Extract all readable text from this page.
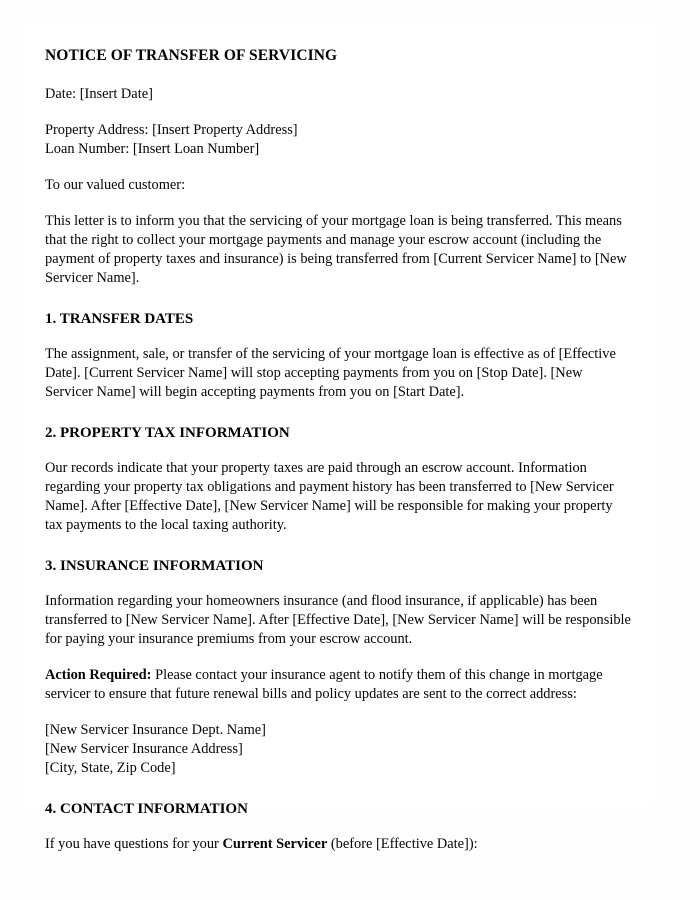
NOTICE OF TRANSFER OF SERVICING
Date: [Insert Date]
Property Address: [Insert Property Address]
Loan Number: [Insert Loan Number]
To our valued customer:
This letter is to inform you that the servicing of your mortgage loan is being transferred. This means that the right to collect your mortgage payments and manage your escrow account (including the payment of property taxes and insurance) is being transferred from [Current Servicer Name] to [New Servicer Name].
1. TRANSFER DATES
The assignment, sale, or transfer of the servicing of your mortgage loan is effective as of [Effective Date]. [Current Servicer Name] will stop accepting payments from you on [Stop Date]. [New Servicer Name] will begin accepting payments from you on [Start Date].
2. PROPERTY TAX INFORMATION
Our records indicate that your property taxes are paid through an escrow account. Information regarding your property tax obligations and payment history has been transferred to [New Servicer Name]. After [Effective Date], [New Servicer Name] will be responsible for making your property tax payments to the local taxing authority.
3. INSURANCE INFORMATION
Information regarding your homeowners insurance (and flood insurance, if applicable) has been transferred to [New Servicer Name]. After [Effective Date], [New Servicer Name] will be responsible for paying your insurance premiums from your escrow account.
Action Required: Please contact your insurance agent to notify them of this change in mortgage servicer to ensure that future renewal bills and policy updates are sent to the correct address:
[New Servicer Insurance Dept. Name]
[New Servicer Insurance Address]
[City, State, Zip Code]
4. CONTACT INFORMATION
If you have questions for your Current Servicer (before [Effective Date]):
